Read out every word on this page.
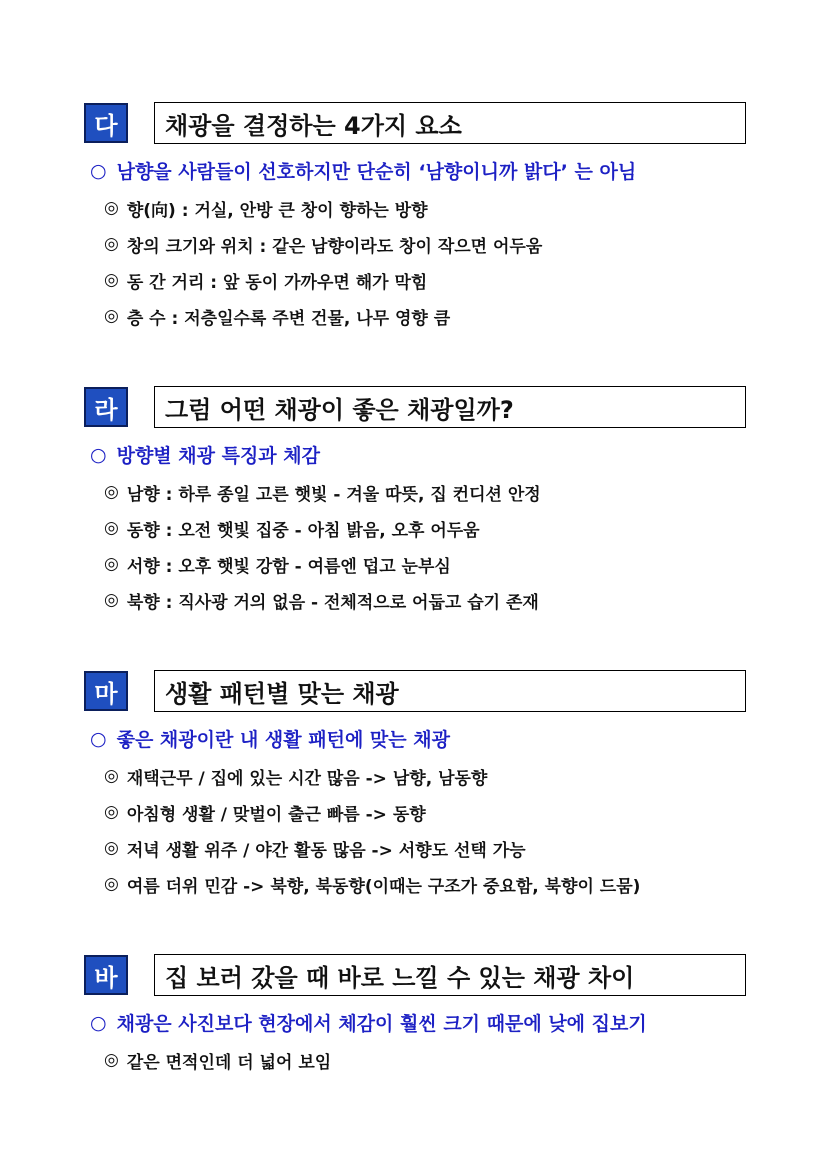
다	채광을 결정하는 4가지 요소
○ 남향을 사람들이 선호하지만 단순히 ‘남향이니까 밝다’ 는 아님
◎ 향(向) : 거실, 안방 큰 창이 향하는 방향
◎ 창의 크기와 위치 : 같은 남향이라도 창이 작으면 어두움
◎ 동 간 거리 : 앞 동이 가까우면 해가 막힘
◎ 층 수 : 저층일수록 주변 건물, 나무 영향 큼
라	그럼 어떤 채광이 좋은 채광일까?
○ 방향별 채광 특징과 체감
◎ 남향 : 하루 종일 고른 햇빛 - 겨울 따뜻, 집 컨디션 안정
◎ 동향 : 오전 햇빛 집중 - 아침 밝음, 오후 어두움
◎ 서향 : 오후 햇빛 강함 - 여름엔 덥고 눈부심
◎ 북향 : 직사광 거의 없음 - 전체적으로 어둡고 습기 존재
마	생활 패턴별 맞는 채광
○ 좋은 채광이란 내 생활 패턴에 맞는 채광
◎ 재택근무 / 집에 있는 시간 많음 -> 남향, 남동향
◎ 아침형 생활 / 맞벌이 출근 빠름 -> 동향
◎ 저녁 생활 위주 / 야간 활동 많음 -> 서향도 선택 가능
◎ 여름 더위 민감 -> 북향, 북동향(이때는 구조가 중요함, 북향이 드뭄)
바	집 보러 갔을 때 바로 느낄 수 있는 채광 차이
○ 채광은 사진보다 현장에서 체감이 훨씬 크기 때문에 낮에 집보기
◎ 같은 면적인데 더 넓어 보임
